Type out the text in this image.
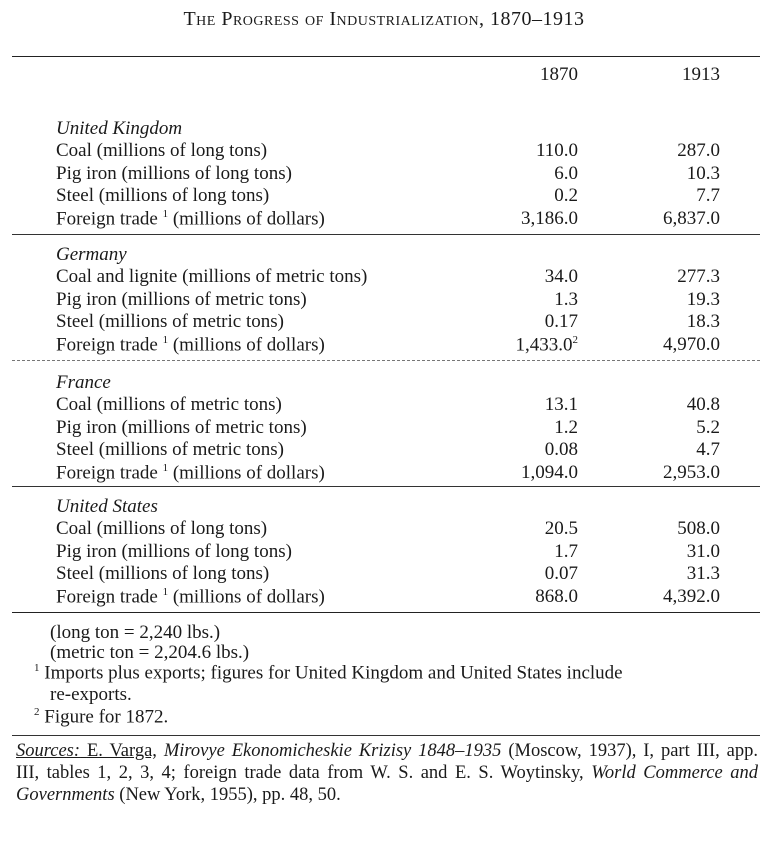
The Progress of Industrialization, 1870–1913
1870	1913
United Kingdom
Coal (millions of long tons)	110.0	287.0
Pig iron (millions of long tons)	6.0	10.3
Steel (millions of long tons)	0.2	7.7
Foreign trade $^1$ (millions of dollars)	3,186.0	6,837.0
Germany
Coal and lignite (millions of metric tons)	34.0	277.3
Pig iron (millions of metric tons)	1.3	19.3
Steel (millions of metric tons)	0.17	18.3
Foreign trade $^1$ (millions of dollars)	1,433.0$^2$	4,970.0
France
Coal (millions of metric tons)	13.1	40.8
Pig iron (millions of metric tons)	1.2	5.2
Steel (millions of metric tons)	0.08	4.7
Foreign trade $^1$ (millions of dollars)	1,094.0	2,953.0
United States
Coal (millions of long tons)	20.5	508.0
Pig iron (millions of long tons)	1.7	31.0
Steel (millions of long tons)	0.07	31.3
Foreign trade $^1$ (millions of dollars)	868.0	4,392.0
(long ton = 2,240 lbs.)
(metric ton = 2,204.6 lbs.)
$^1$ Imports plus exports; figures for United Kingdom and United States include
re-exports.
$^2$ Figure for 1872.
Sources: E. Varga, Mirovye Ekonomicheskie Krizisy 1848–1935 (Moscow, 1937), I, part III, app. III, tables 1, 2, 3, 4; foreign trade data from W. S. and E. S. Woytinsky, World Commerce and Governments (New York, 1955), pp. 48, 50.
